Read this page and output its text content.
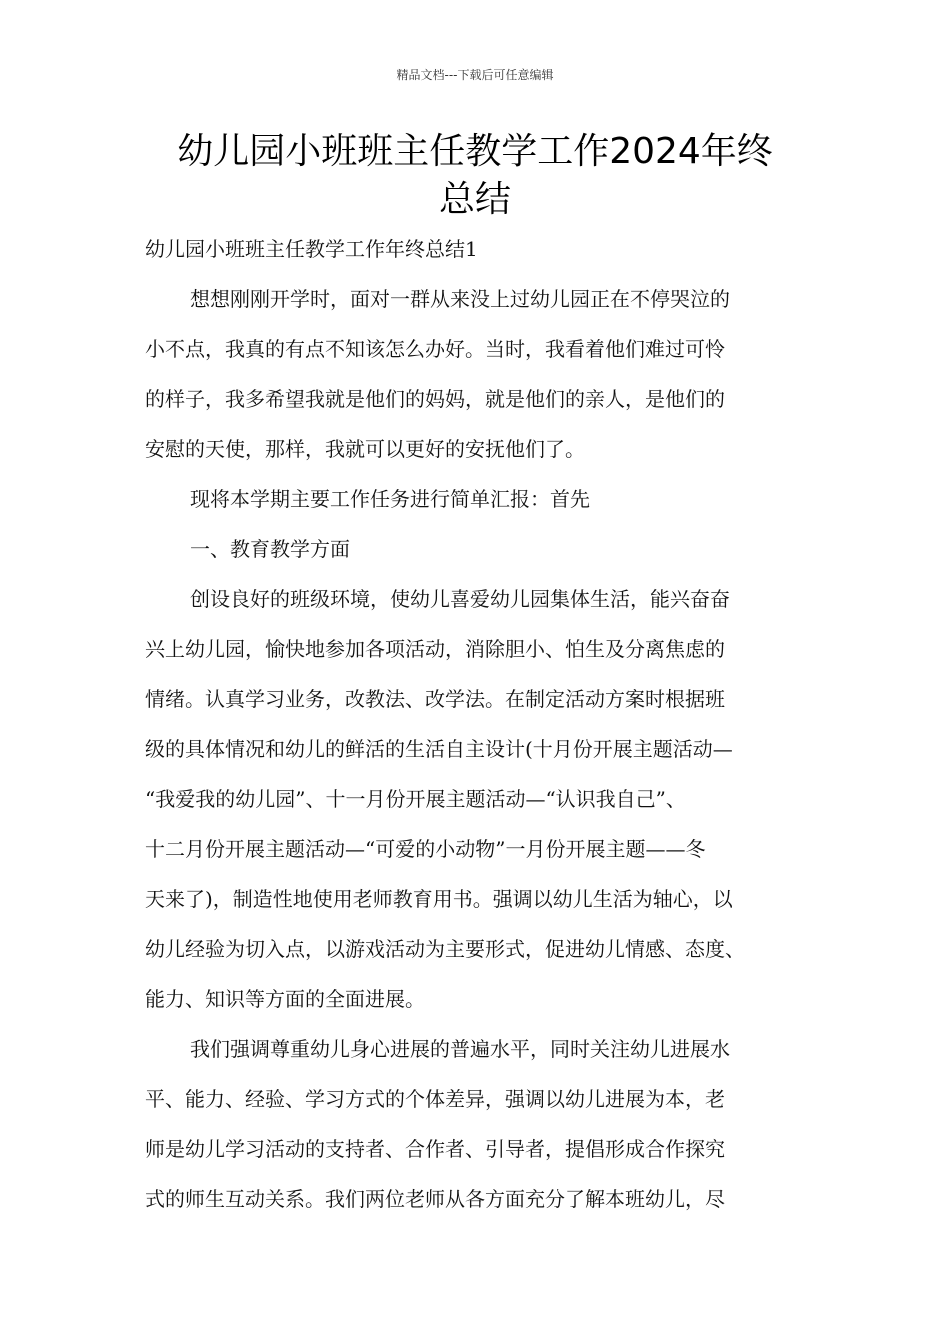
精品文档---下载后可任意编辑
幼儿园小班班主任教学工作2024年终
总结
幼儿园小班班主任教学工作年终总结1
想想刚刚开学时，面对一群从来没上过幼儿园正在不停哭泣的
小不点，我真的有点不知该怎么办好。当时，我看着他们难过可怜
的样子，我多希望我就是他们的妈妈，就是他们的亲人，是他们的
安慰的天使，那样，我就可以更好的安抚他们了。
现将本学期主要工作任务进行简单汇报：首先
一、教育教学方面
创设良好的班级环境，使幼儿喜爱幼儿园集体生活，能兴奋奋
兴上幼儿园，愉快地参加各项活动，消除胆小、怕生及分离焦虑的
情绪。认真学习业务，改教法、改学法。在制定活动方案时根据班
级的具体情况和幼儿的鲜活的生活自主设计(十月份开展主题活动—
“我爱我的幼儿园”、十一月份开展主题活动—“认识我自己”、
十二月份开展主题活动—“可爱的小动物”一月份开展主题——冬
天来了)，制造性地使用老师教育用书。强调以幼儿生活为轴心，以
幼儿经验为切入点，以游戏活动为主要形式，促进幼儿情感、态度、
能力、知识等方面的全面进展。
我们强调尊重幼儿身心进展的普遍水平，同时关注幼儿进展水
平、能力、经验、学习方式的个体差异，强调以幼儿进展为本，老
师是幼儿学习活动的支持者、合作者、引导者，提倡形成合作探究
式的师生互动关系。我们两位老师从各方面充分了解本班幼儿，尽
